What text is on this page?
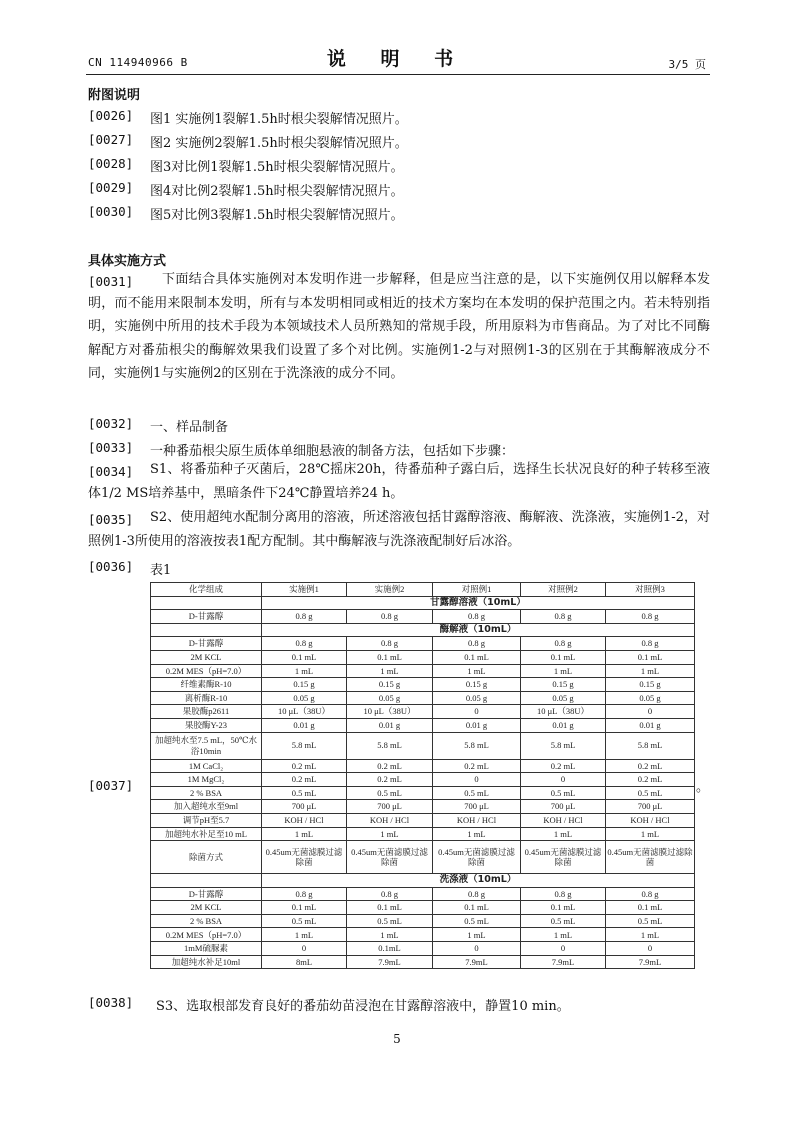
CN 114940966 B	说 明 书	3/5 页
附图说明
[0026] 图1 实施例1裂解1.5h时根尖裂解情况照片。
[0027] 图2 实施例2裂解1.5h时根尖裂解情况照片。
[0028] 图3对比例1裂解1.5h时根尖裂解情况照片。
[0029] 图4对比例2裂解1.5h时根尖裂解情况照片。
[0030] 图5对比例3裂解1.5h时根尖裂解情况照片。
具体实施方式
[0031]	下面结合具体实施例对本发明作进一步解释，但是应当注意的是，以下实施例仅用以解释本发明，而不能用来限制本发明，所有与本发明相同或相近的技术方案均在本发明的保护范围之内。若未特别指明，实施例中所用的技术手段为本领域技术人员所熟知的常规手段，所用原料为市售商品。为了对比不同酶解配方对番茄根尖的酶解效果我们设置了多个对比例。实施例1-2与对照例1-3的区别在于其酶解液成分不同，实施例1与实施例2的区别在于洗涤液的成分不同。
[0032] 一、样品制备
[0033] 一种番茄根尖原生质体单细胞悬液的制备方法，包括如下步骤：
[0034]	S1、将番茄种子灭菌后，28℃摇床20h，待番茄种子露白后，选择生长状况良好的种子转移至液体1/2 MS培养基中，黑暗条件下24℃静置培养24 h。
[0035]	S2、使用超纯水配制分离用的溶液，所述溶液包括甘露醇溶液、酶解液、洗涤液，实施例1-2，对照例1-3所使用的溶液按表1配方配制。其中酶解液与洗涤液配制好后冰浴。
[0036] 表1
[0037]	。
化学组成	实施例1	实施例2	对照例1	对照例2	对照例3
	甘露醇溶液（10mL）				
D-甘露醇	0.8 g	0.8 g	0.8 g	0.8 g	0.8 g
	酶解液（10mL）				
D-甘露醇	0.8 g	0.8 g	0.8 g	0.8 g	0.8 g
2M KCL	0.1 mL	0.1 mL	0.1 mL	0.1 mL	0.1 mL
0.2M MES（pH=7.0）	1 mL	1 mL	1 mL	1 mL	1 mL
纤维素酶R-10	0.15 g	0.15 g	0.15 g	0.15 g	0.15 g
离析酶R-10	0.05 g	0.05 g	0.05 g	0.05 g	0.05 g
果胶酶p2611	10 μL（38U）	10 μL（38U）	0	10 μL（38U）	0
果胶酶Y-23	0.01 g	0.01 g	0.01 g	0.01 g	0.01 g
加超纯水至7.5 mL，50℃水浴10min	5.8 mL	5.8 mL	5.8 mL	5.8 mL	5.8 mL
1M CaCl₂	0.2 mL	0.2 mL	0.2 mL	0.2 mL	0.2 mL
1M MgCl₂	0.2 mL	0.2 mL	0	0	0.2 mL
2 % BSA	0.5 mL	0.5 mL	0.5 mL	0.5 mL	0.5 mL
加入超纯水至9ml	700 μL	700 μL	700 μL	700 μL	700 μL
调节pH至5.7	KOH / HCl	KOH / HCl	KOH / HCl	KOH / HCl	KOH / HCl
加超纯水补足至10 mL	1 mL	1 mL	1 mL	1 mL	1 mL
除菌方式	0.45um无菌滤膜过滤除菌	0.45um无菌滤膜过滤除菌	0.45um无菌滤膜过滤除菌	0.45um无菌滤膜过滤除菌	0.45um无菌滤膜过滤除菌
	洗涤液（10mL）				
D-甘露醇	0.8 g	0.8 g	0.8 g	0.8 g	0.8 g
2M KCL	0.1 mL	0.1 mL	0.1 mL	0.1 mL	0.1 mL
2 % BSA	0.5 mL	0.5 mL	0.5 mL	0.5 mL	0.5 mL
0.2M MES（pH=7.0）	1 mL	1 mL	1 mL	1 mL	1 mL
1mM硫脲素	0	0.1mL	0	0	0
加超纯水补足10ml	8mL	7.9mL	7.9mL	7.9mL	7.9mL
[0038] S3、选取根部发育良好的番茄幼苗浸泡在甘露醇溶液中，静置10 min。
5
